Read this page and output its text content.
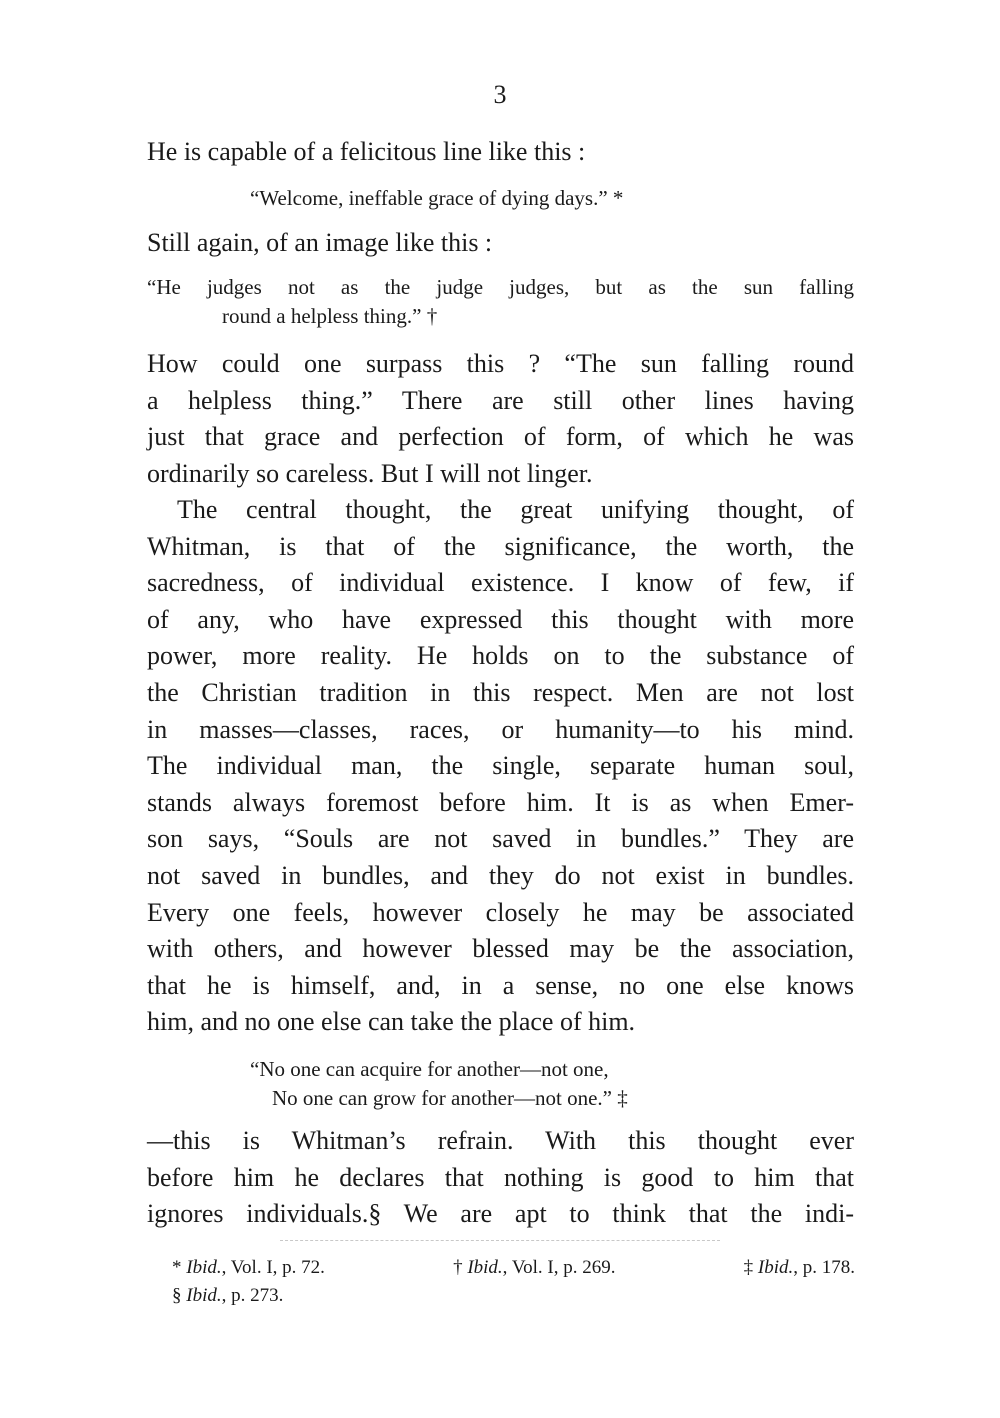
3
He is capable of a felicitous line like this :
“Welcome, ineffable grace of dying days.” *
Still again, of an image like this :
“He judges not as the judge judges, but as the sun falling
round a helpless thing.” †
How could one surpass this ? “The sun falling round
a helpless thing.” There are still other lines having
just that grace and perfection of form, of which he was
ordinarily so careless. But I will not linger.
The central thought, the great unifying thought, of
Whitman, is that of the significance, the worth, the
sacredness, of individual existence. I know of few, if
of any, who have expressed this thought with more
power, more reality. He holds on to the substance of
the Christian tradition in this respect. Men are not lost
in masses—classes, races, or humanity—to his mind.
The individual man, the single, separate human soul,
stands always foremost before him. It is as when Emer-
son says, “Souls are not saved in bundles.” They are
not saved in bundles, and they do not exist in bundles.
Every one feels, however closely he may be associated
with others, and however blessed may be the association,
that he is himself, and, in a sense, no one else knows
him, and no one else can take the place of him.
“No one can acquire for another—not one,
No one can grow for another—not one.” ‡
—this is Whitman’s refrain. With this thought ever
before him he declares that nothing is good to him that
ignores individuals.§ We are apt to think that the indi-
* Ibid., Vol. I, p. 72.	† Ibid., Vol. I, p. 269.	‡ Ibid., p. 178.
§ Ibid., p. 273.
